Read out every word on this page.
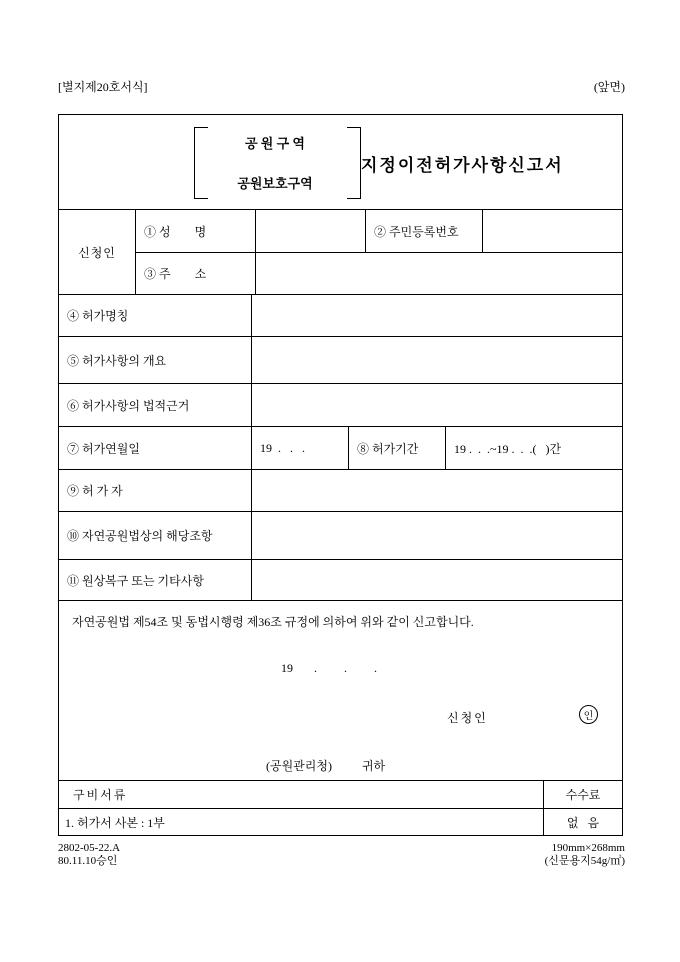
[별지제20호서식]	(앞면)
공 원 구 역
공원보호구역
지정이전허가사항신고서
신청인
① 성        명	② 주민등록번호
③ 주        소
④ 허가명칭
⑤ 허가사항의 개요
⑥ 허가사항의 법적근거
⑦ 허가연월일	19  .   .   .	⑧ 허가기간	19 .  .  .~19 .  .  .(   )간
⑨ 허 가 자
⑩ 자연공원법상의 해당조항
⑪ 원상복구 또는 기타사항
자연공원법 제54조 및 동법시행령 제36조 규정에 의하여 위와 같이 신고합니다.
19       .         .         .
신청인	인
(공원관리청)          귀하
구비서류	수수료
1. 허가서 사본 : 1부	없   음
2802-05-22.A
80.11.10승인
190mm×268mm
(신문용지54g/㎡)
